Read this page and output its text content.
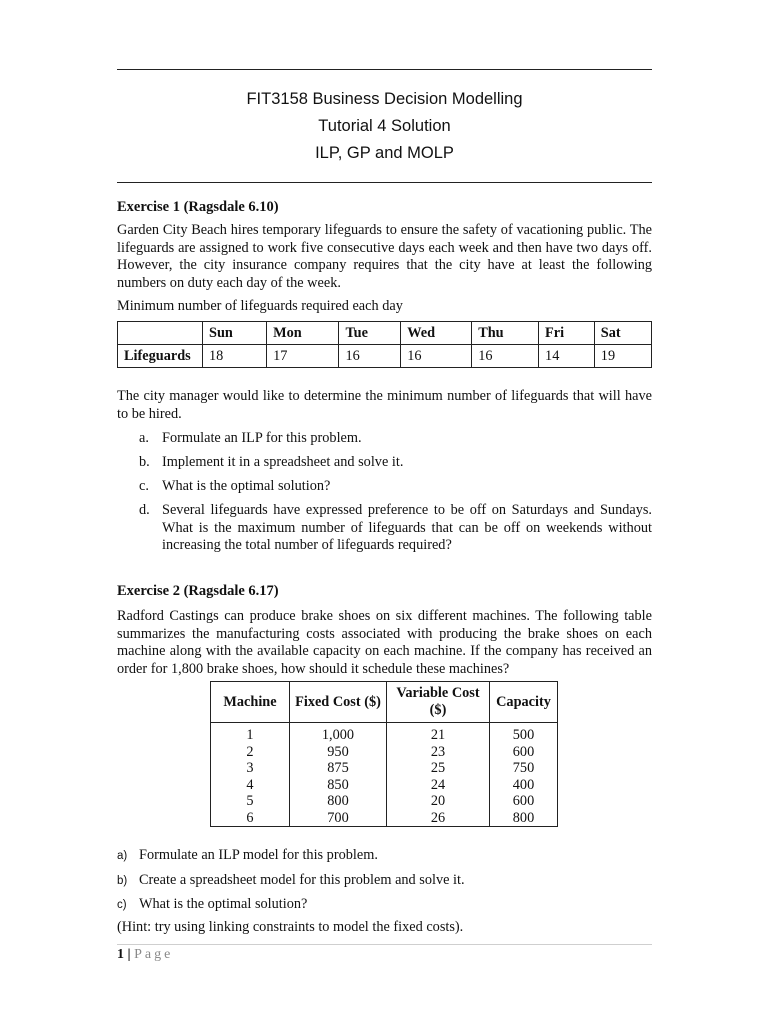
FIT3158 Business Decision Modelling
Tutorial 4 Solution
ILP, GP and MOLP
Exercise 1 (Ragsdale 6.10)
Garden City Beach hires temporary lifeguards to ensure the safety of vacationing public. The lifeguards are assigned to work five consecutive days each week and then have two days off. However, the city insurance company requires that the city have at least the following numbers on duty each day of the week.
Minimum number of lifeguards required each day
	Sun	Mon	Tue	Wed	Thu	Fri	Sat
Lifeguards	18	17	16	16	16	14	19
The city manager would like to determine the minimum number of lifeguards that will have to be hired.
a. Formulate an ILP for this problem.
b. Implement it in a spreadsheet and solve it.
c. What is the optimal solution?
d. Several lifeguards have expressed preference to be off on Saturdays and Sundays. What is the maximum number of lifeguards that can be off on weekends without increasing the total number of lifeguards required?
Exercise 2 (Ragsdale 6.17)
Radford Castings can produce brake shoes on six different machines. The following table summarizes the manufacturing costs associated with producing the brake shoes on each machine along with the available capacity on each machine. If the company has received an order for 1,800 brake shoes, how should it schedule these machines?
Machine	Fixed Cost ($)	Variable Cost ($)	Capacity
1	1,000	21	500
2	950	23	600
3	875	25	750
4	850	24	400
5	800	20	600
6	700	26	800
a) Formulate an ILP model for this problem.
b) Create a spreadsheet model for this problem and solve it.
c) What is the optimal solution?
(Hint: try using linking constraints to model the fixed costs).
1 | Page
